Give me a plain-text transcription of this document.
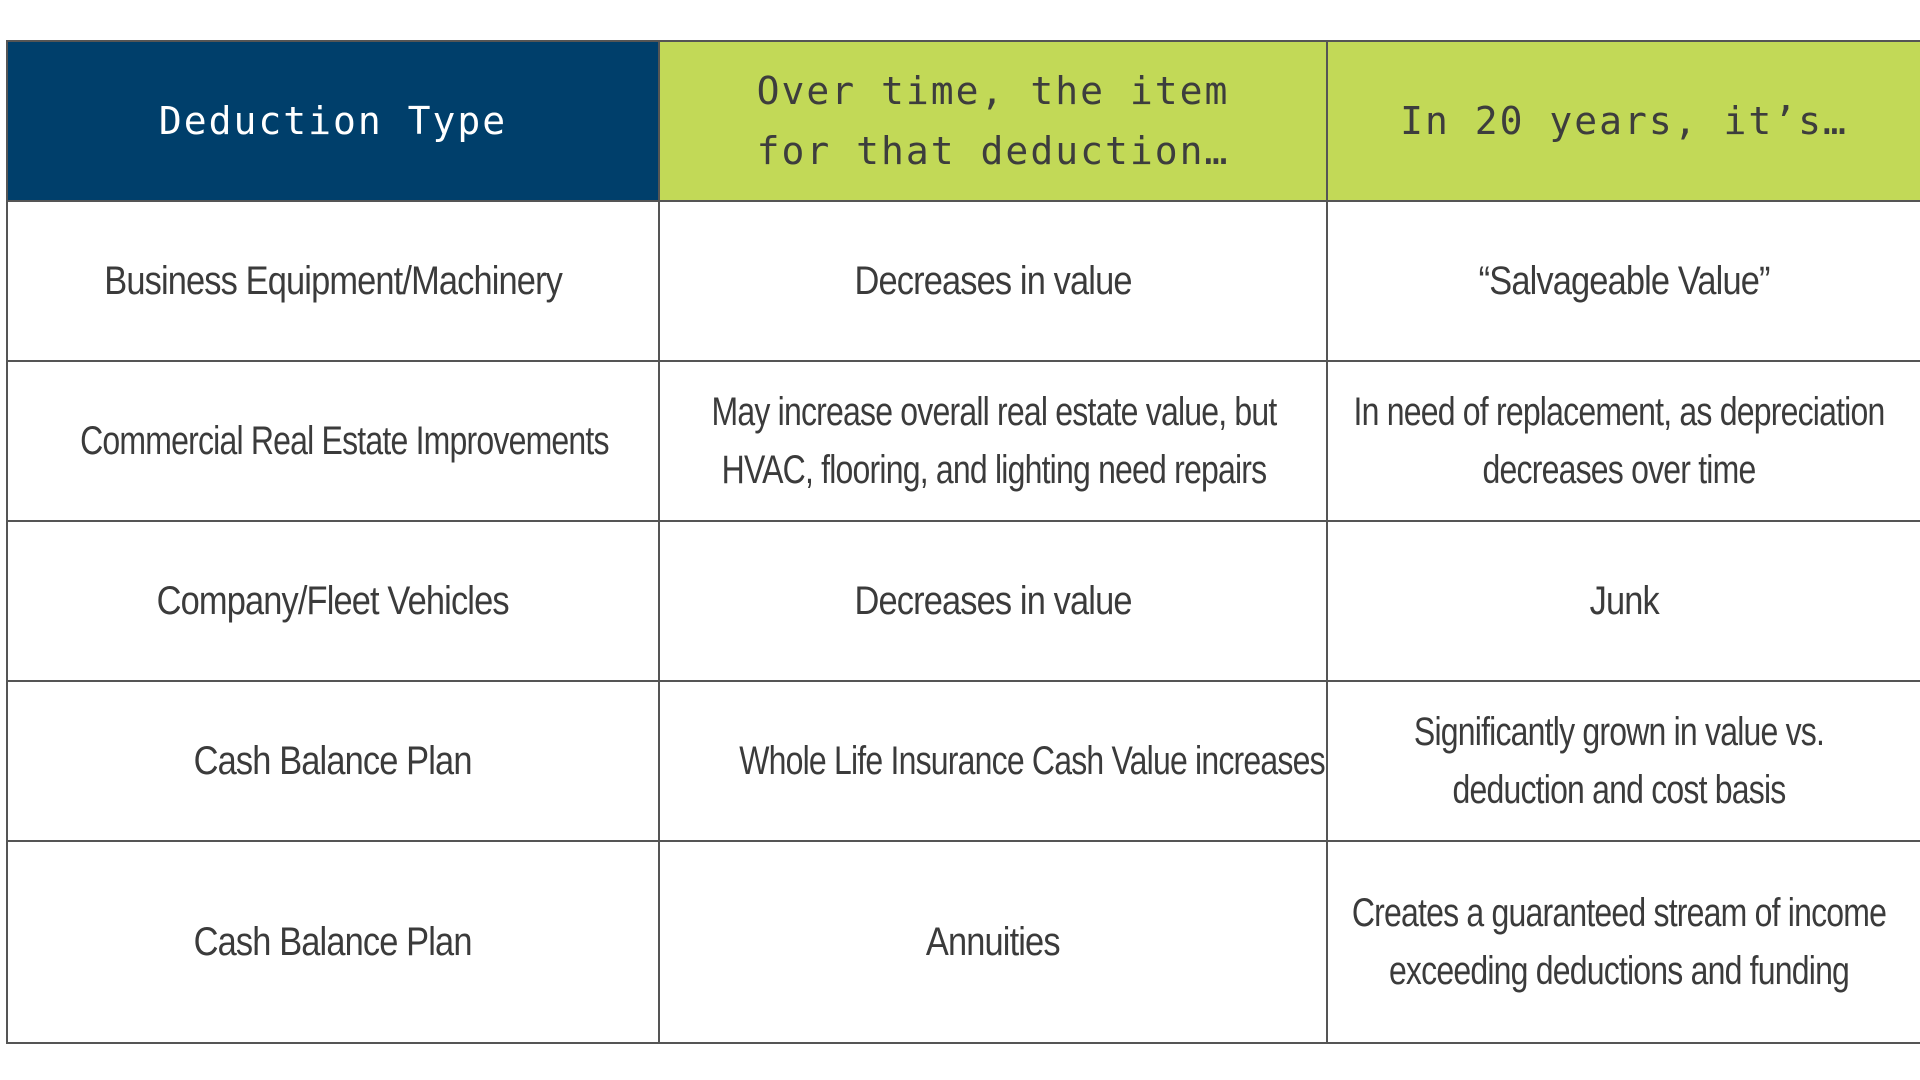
Deduction Type	Over time, the item for that deduction…	In 20 years, it’s…
Business Equipment/Machinery	Decreases in value	“Salvageable Value”
Commercial Real Estate Improvements	May increase overall real estate value, but HVAC, flooring, and lighting need repairs	In need of replacement, as depreciation decreases over time
Company/Fleet Vehicles	Decreases in value	Junk
Cash Balance Plan	Whole Life Insurance Cash Value increases	Significantly grown in value vs. deduction and cost basis
Cash Balance Plan	Annuities	Creates a guaranteed stream of income exceeding deductions and funding
